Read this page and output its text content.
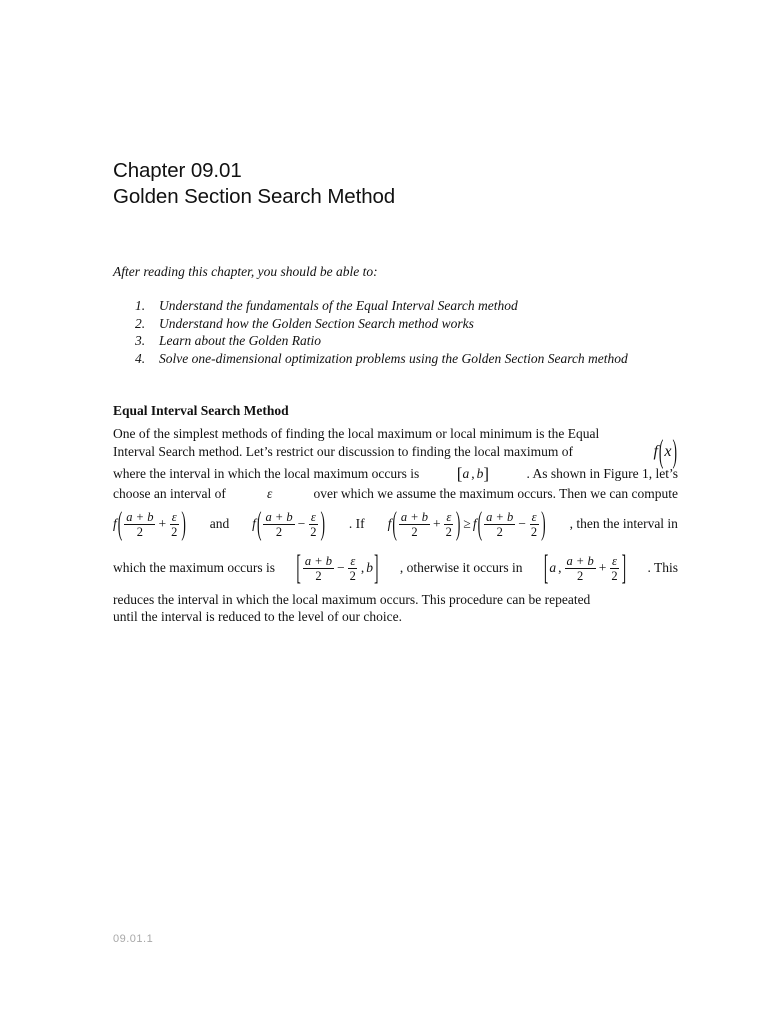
Chapter 09.01
Golden Section Search Method
After reading this chapter, you should be able to:
1.	Understand the fundamentals of the Equal Interval Search method
2.	Understand how the Golden Section Search method works
3.	Learn about the Golden Ratio
4.	Solve one-dimensional optimization problems using the Golden Section Search method
Equal Interval Search Method
One of the simplest methods of finding the local maximum or local minimum is the Equal
Interval Search method. Let’s restrict our discussion to finding the local maximum of	f ( x )
where the interval in which the local maximum occurs is [ a , b ]	. As shown in Figure 1, let’s
choose an interval of	ε	over which we assume the maximum occurs. Then we can compute
f ( $\frac{a + b}{2} + \frac{\varepsilon}{2}$ ) and f ( $\frac{a + b}{2} - \frac{\varepsilon}{2}$ ) . If f ( $\frac{a + b}{2} + \frac{\varepsilon}{2}$ ) ≥ f ( $\frac{a + b}{2} - \frac{\varepsilon}{2}$ ) , then the interval in
which the maximum occurs is [ $\frac{a + b}{2} - \frac{\varepsilon}{2}$ , b ] , otherwise it occurs in [ a , $\frac{a + b}{2} + \frac{\varepsilon}{2}$ ] . This
reduces the interval in which the local maximum occurs. This procedure can be repeated
until the interval is reduced to the level of our choice.
09.01.1
